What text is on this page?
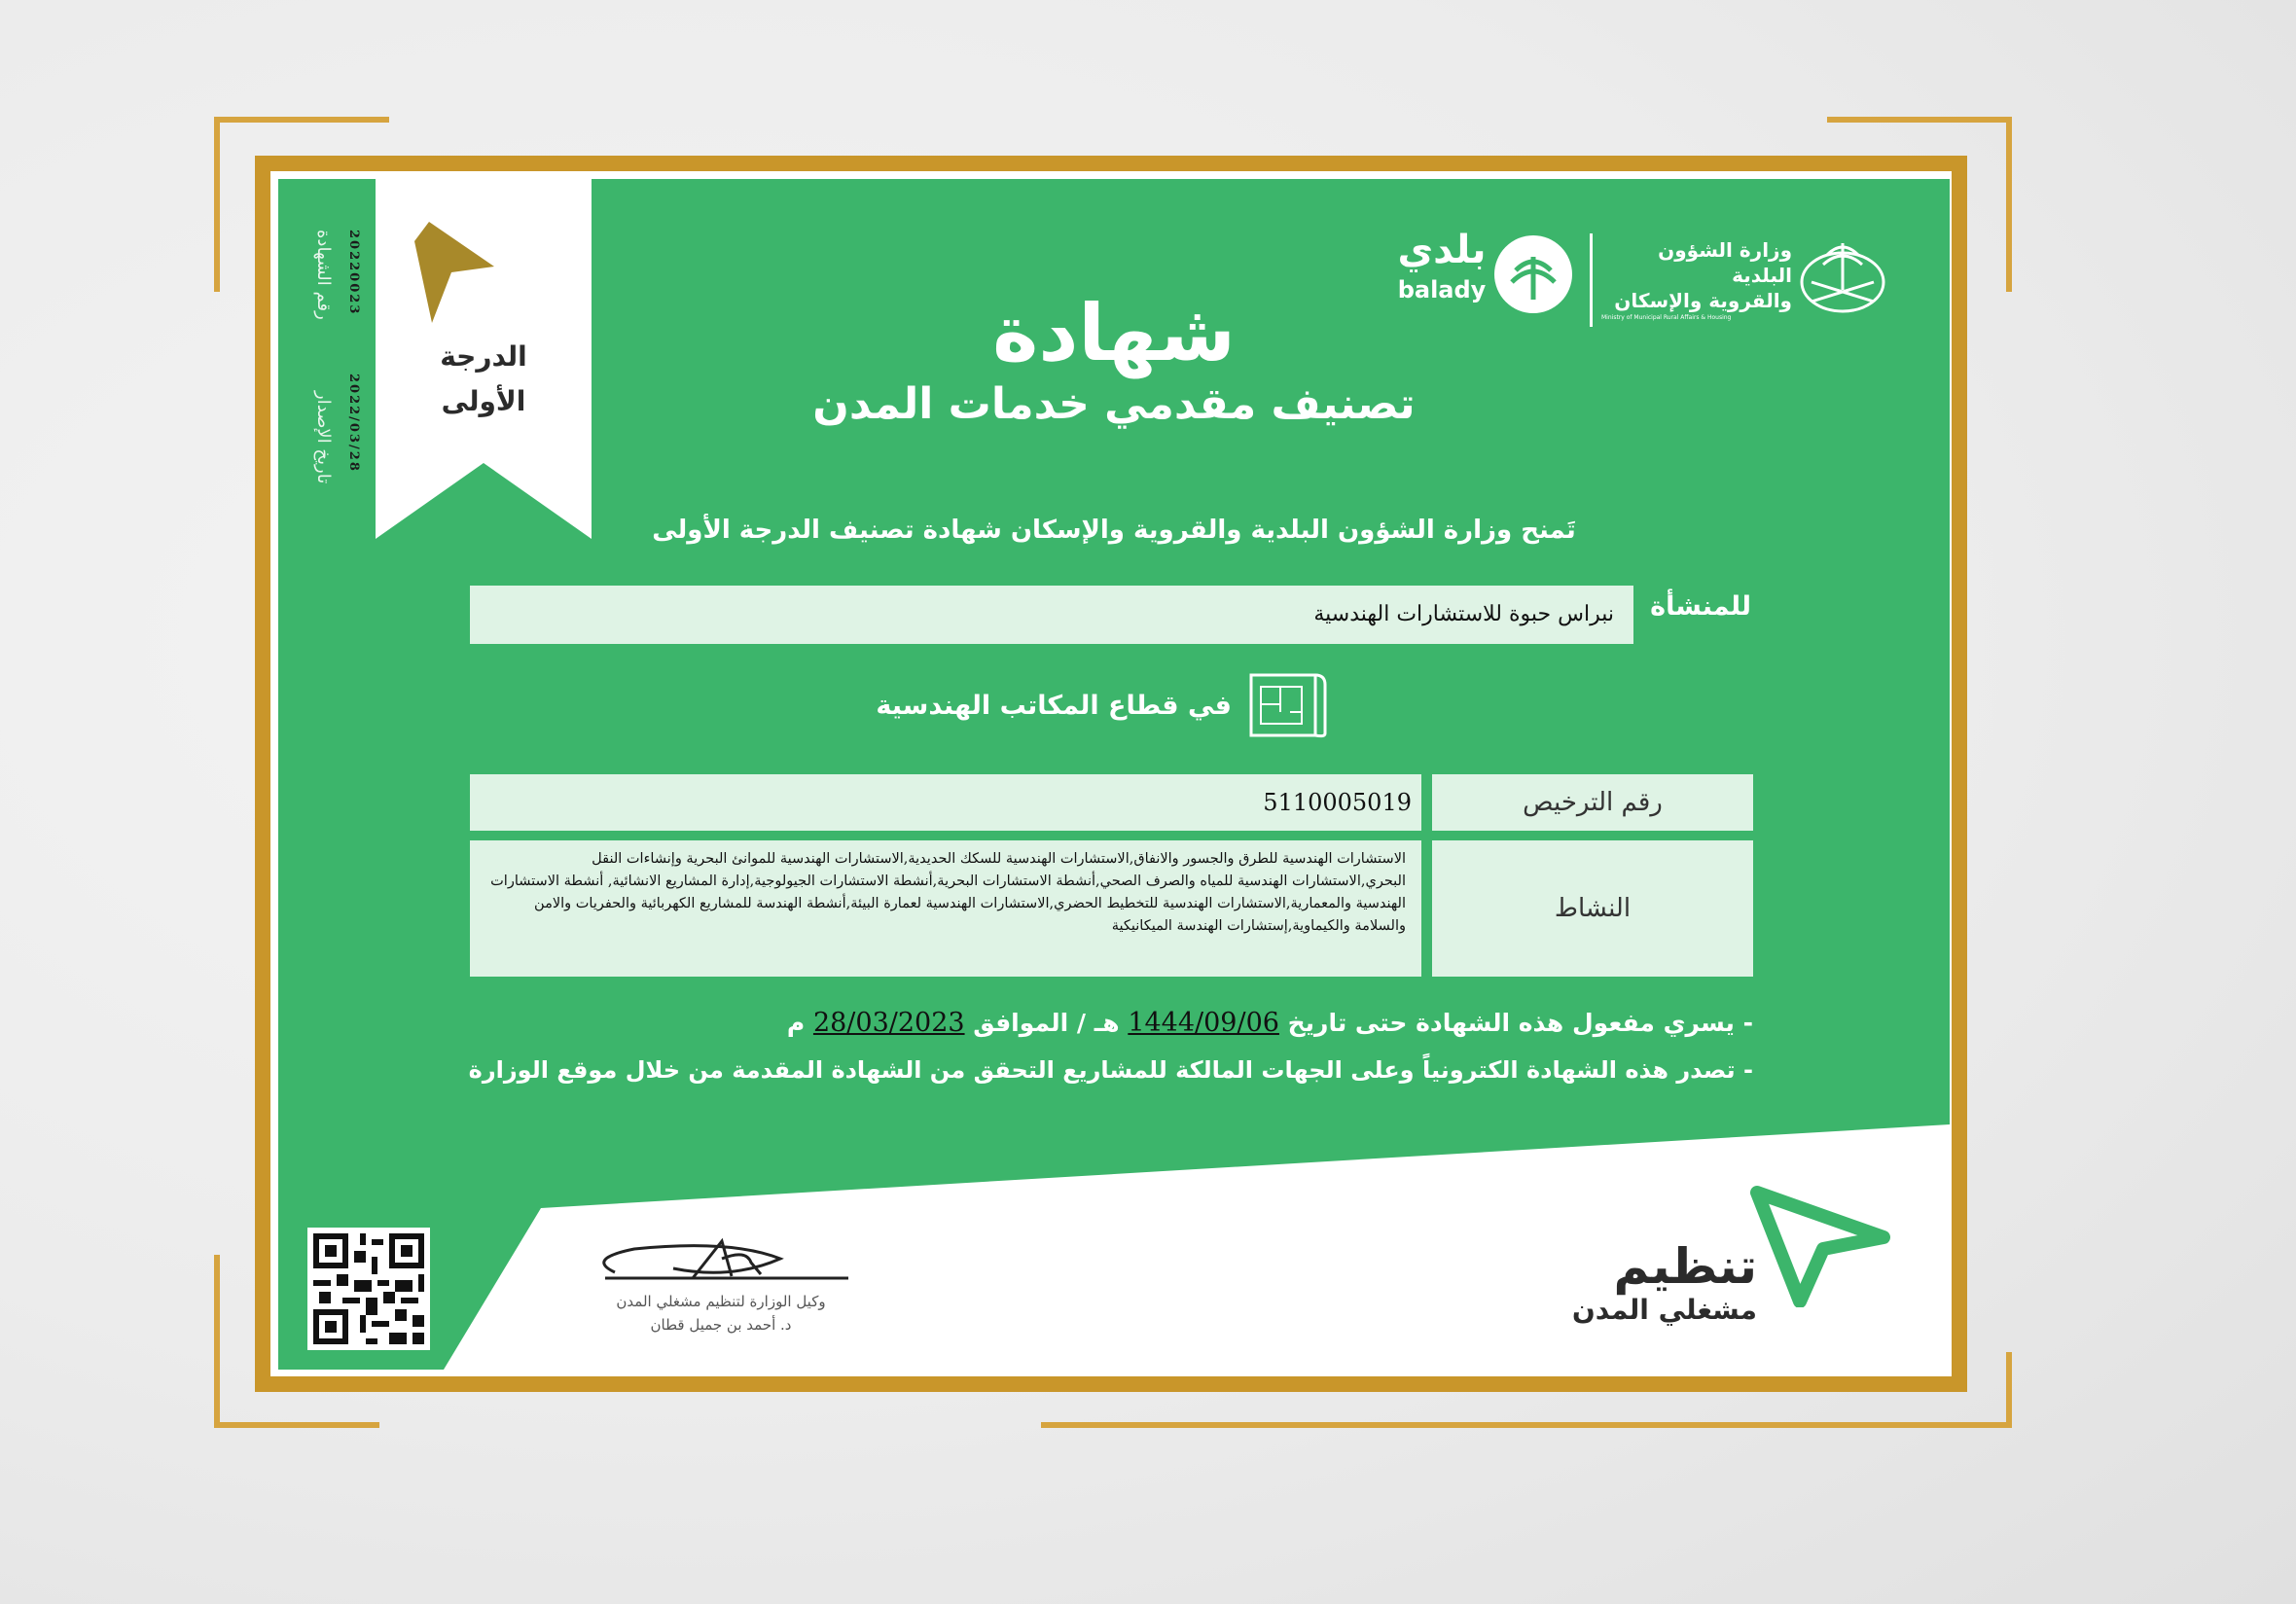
الدرجة
الأولى
رقم الشهادة
تاريخ الإصدار
20220023
2022/03/28
وزارة الشؤون البلدية
والقروية والإسكان
Ministry of Municipal Rural Affairs & Housing
بلدي
balady
شهادة
تصنيف مقدمي خدمات المدن
تَمنح وزارة الشؤون البلدية والقروية والإسكان شهادة تصنيف الدرجة الأولى
للمنشأة
نبراس حبوة للاستشارات الهندسية
في قطاع المكاتب الهندسية
رقم الترخيص
5110005019
النشاط
الاستشارات الهندسية للطرق والجسور والانفاق,الاستشارات الهندسية للسكك الحديدية,الاستشارات الهندسية للموانئ البحرية وإنشاءات النقل البحري,الاستشارات الهندسية للمياه والصرف الصحي,أنشطة الاستشارات البحرية,أنشطة الاستشارات الجيولوجية,إدارة المشاريع الانشائية, أنشطة الاستشارات الهندسية والمعمارية,الاستشارات الهندسية للتخطيط الحضري,الاستشارات الهندسية لعمارة البيئة,أنشطة الهندسة للمشاريع الكهربائية والحفريات والامن والسلامة والكيماوية,إستشارات الهندسة الميكانيكية
- يسري مفعول هذه الشهادة حتى تاريخ 1444/09/06 هـ / الموافق 28/03/2023 م
- تصدر هذه الشهادة الكترونياً وعلى الجهات المالكة للمشاريع التحقق من الشهادة المقدمة من خلال موقع الوزارة
وكيل الوزارة لتنظيم مشغلي المدن
د. أحمد بن جميل قطان
تنظيم
مشغلي المدن
